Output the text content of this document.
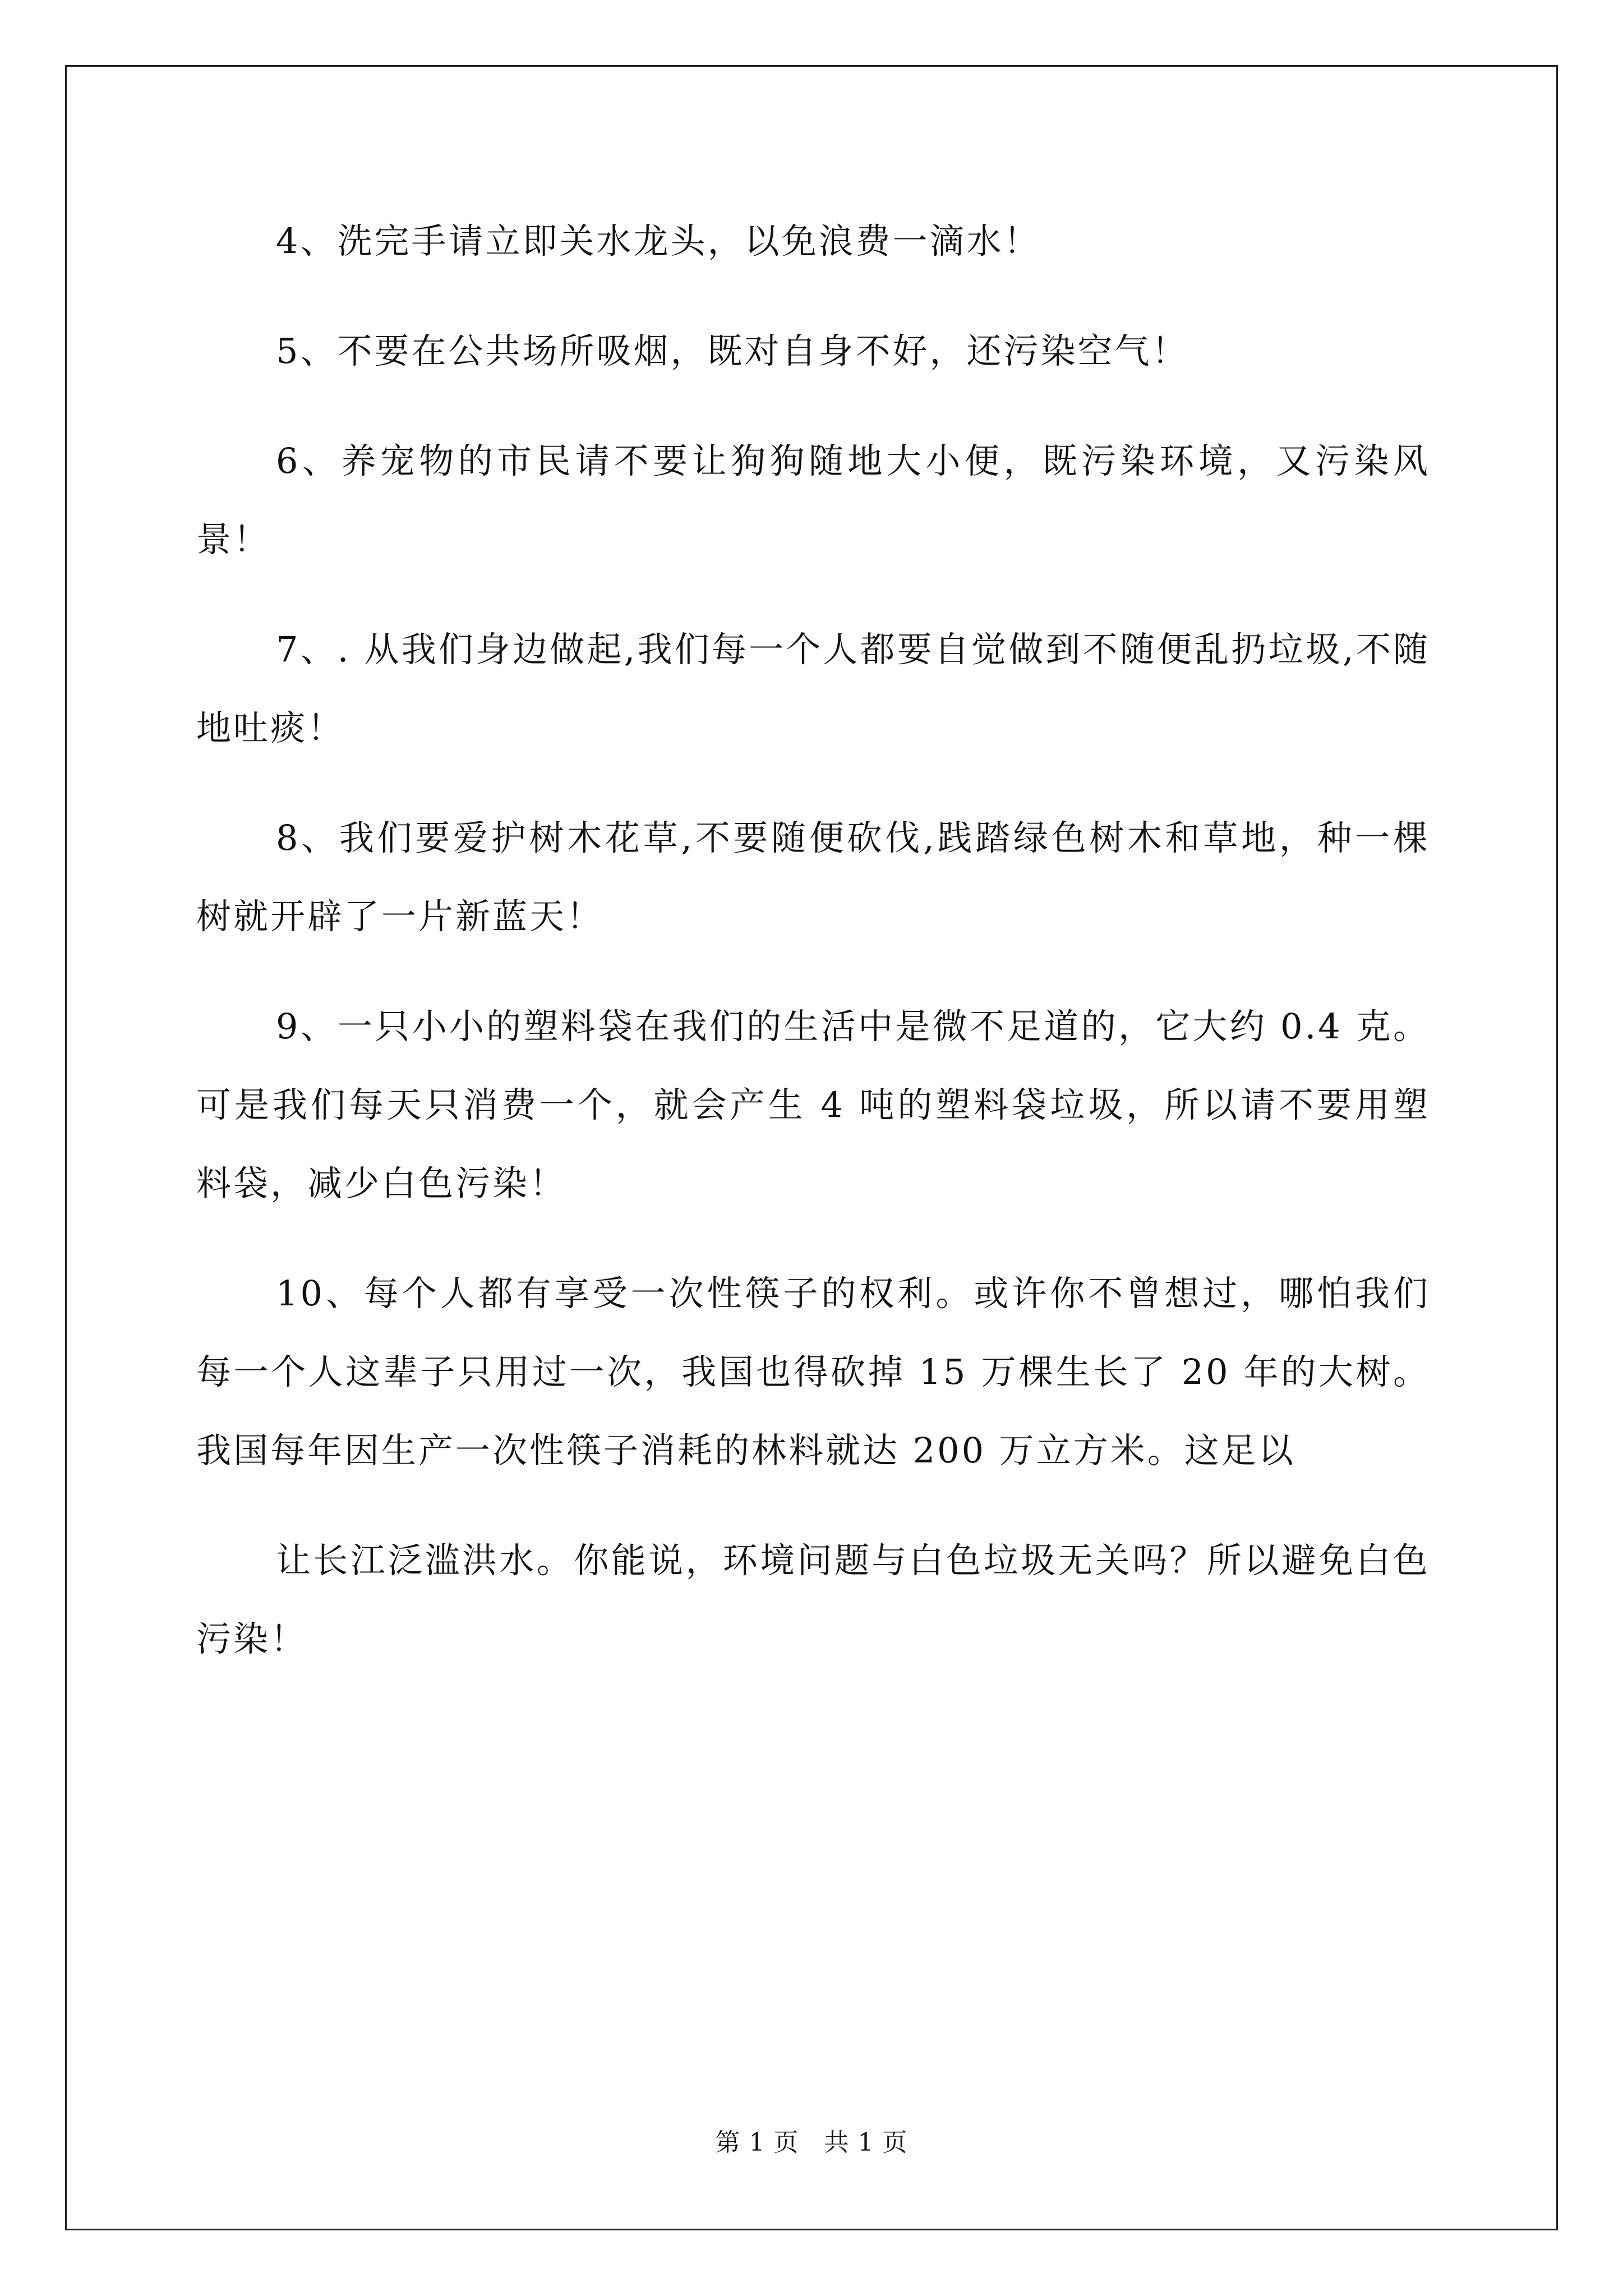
4、洗完手请立即关水龙头，以免浪费一滴水！

5、不要在公共场所吸烟，既对自身不好，还污染空气！

6、养宠物的市民请不要让狗狗随地大小便，既污染环境，又污染风景！

7、. 从我们身边做起,我们每一个人都要自觉做到不随便乱扔垃圾,不随地吐痰！

8、我们要爱护树木花草,不要随便砍伐,践踏绿色树木和草地，种一棵树就开辟了一片新蓝天！

9、一只小小的塑料袋在我们的生活中是微不足道的，它大约 0.4 克。可是我们每天只消费一个，就会产生 4 吨的塑料袋垃圾，所以请不要用塑料袋，减少白色污染！

10、每个人都有享受一次性筷子的权利。或许你不曾想过，哪怕我们每一个人这辈子只用过一次，我国也得砍掉 15 万棵生长了 20 年的大树。我国每年因生产一次性筷子消耗的林料就达 200 万立方米。这足以

让长江泛滥洪水。你能说，环境问题与白色垃圾无关吗？所以避免白色污染！

第 1 页　共 1 页
